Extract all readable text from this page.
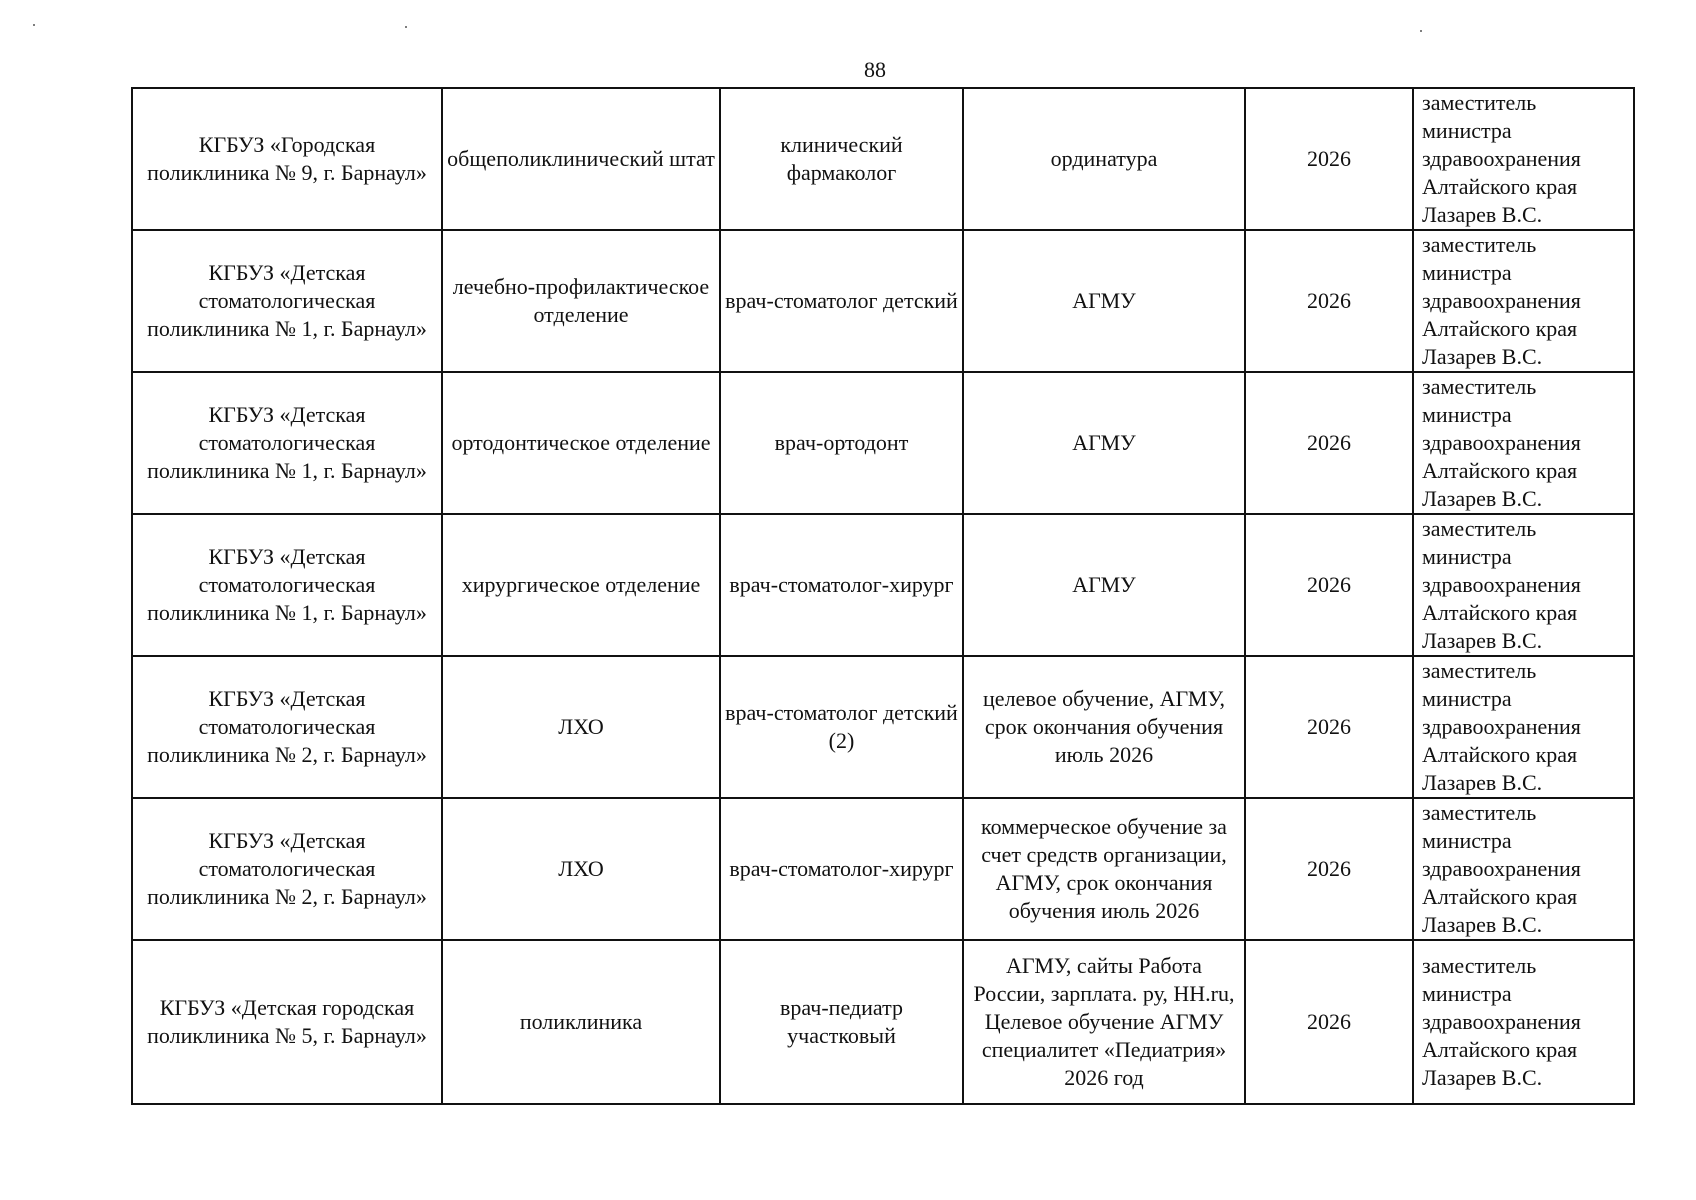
88
КГБУЗ «Городская поликлиника № 9, г. Барнаул»	общеполиклинический штат	клинический фармаколог	ординатура	2026	заместитель министра здравоохранения Алтайского края Лазарев В.С.
КГБУЗ «Детская стоматологическая поликлиника № 1, г. Барнаул»	лечебно-профилактическое отделение	врач-стоматолог детский	АГМУ	2026	заместитель министра здравоохранения Алтайского края Лазарев В.С.
КГБУЗ «Детская стоматологическая поликлиника № 1, г. Барнаул»	ортодонтическое отделение	врач-ортодонт	АГМУ	2026	заместитель министра здравоохранения Алтайского края Лазарев В.С.
КГБУЗ «Детская стоматологическая поликлиника № 1, г. Барнаул»	хирургическое отделение	врач-стоматолог-хирург	АГМУ	2026	заместитель министра здравоохранения Алтайского края Лазарев В.С.
КГБУЗ «Детская стоматологическая поликлиника № 2, г. Барнаул»	ЛХО	врач-стоматолог детский (2)	целевое обучение, АГМУ, срок окончания обучения июль 2026	2026	заместитель министра здравоохранения Алтайского края Лазарев В.С.
КГБУЗ «Детская стоматологическая поликлиника № 2, г. Барнаул»	ЛХО	врач-стоматолог-хирург	коммерческое обучение за счет средств организации, АГМУ, срок окончания обучения июль 2026	2026	заместитель министра здравоохранения Алтайского края Лазарев В.С.
КГБУЗ «Детская городская поликлиника № 5, г. Барнаул»	поликлиника	врач-педиатр участковый	АГМУ, сайты Работа России, зарплата. ру, HH.ru, Целевое обучение АГМУ специалитет «Педиатрия» 2026 год	2026	заместитель министра здравоохранения Алтайского края Лазарев В.С.
